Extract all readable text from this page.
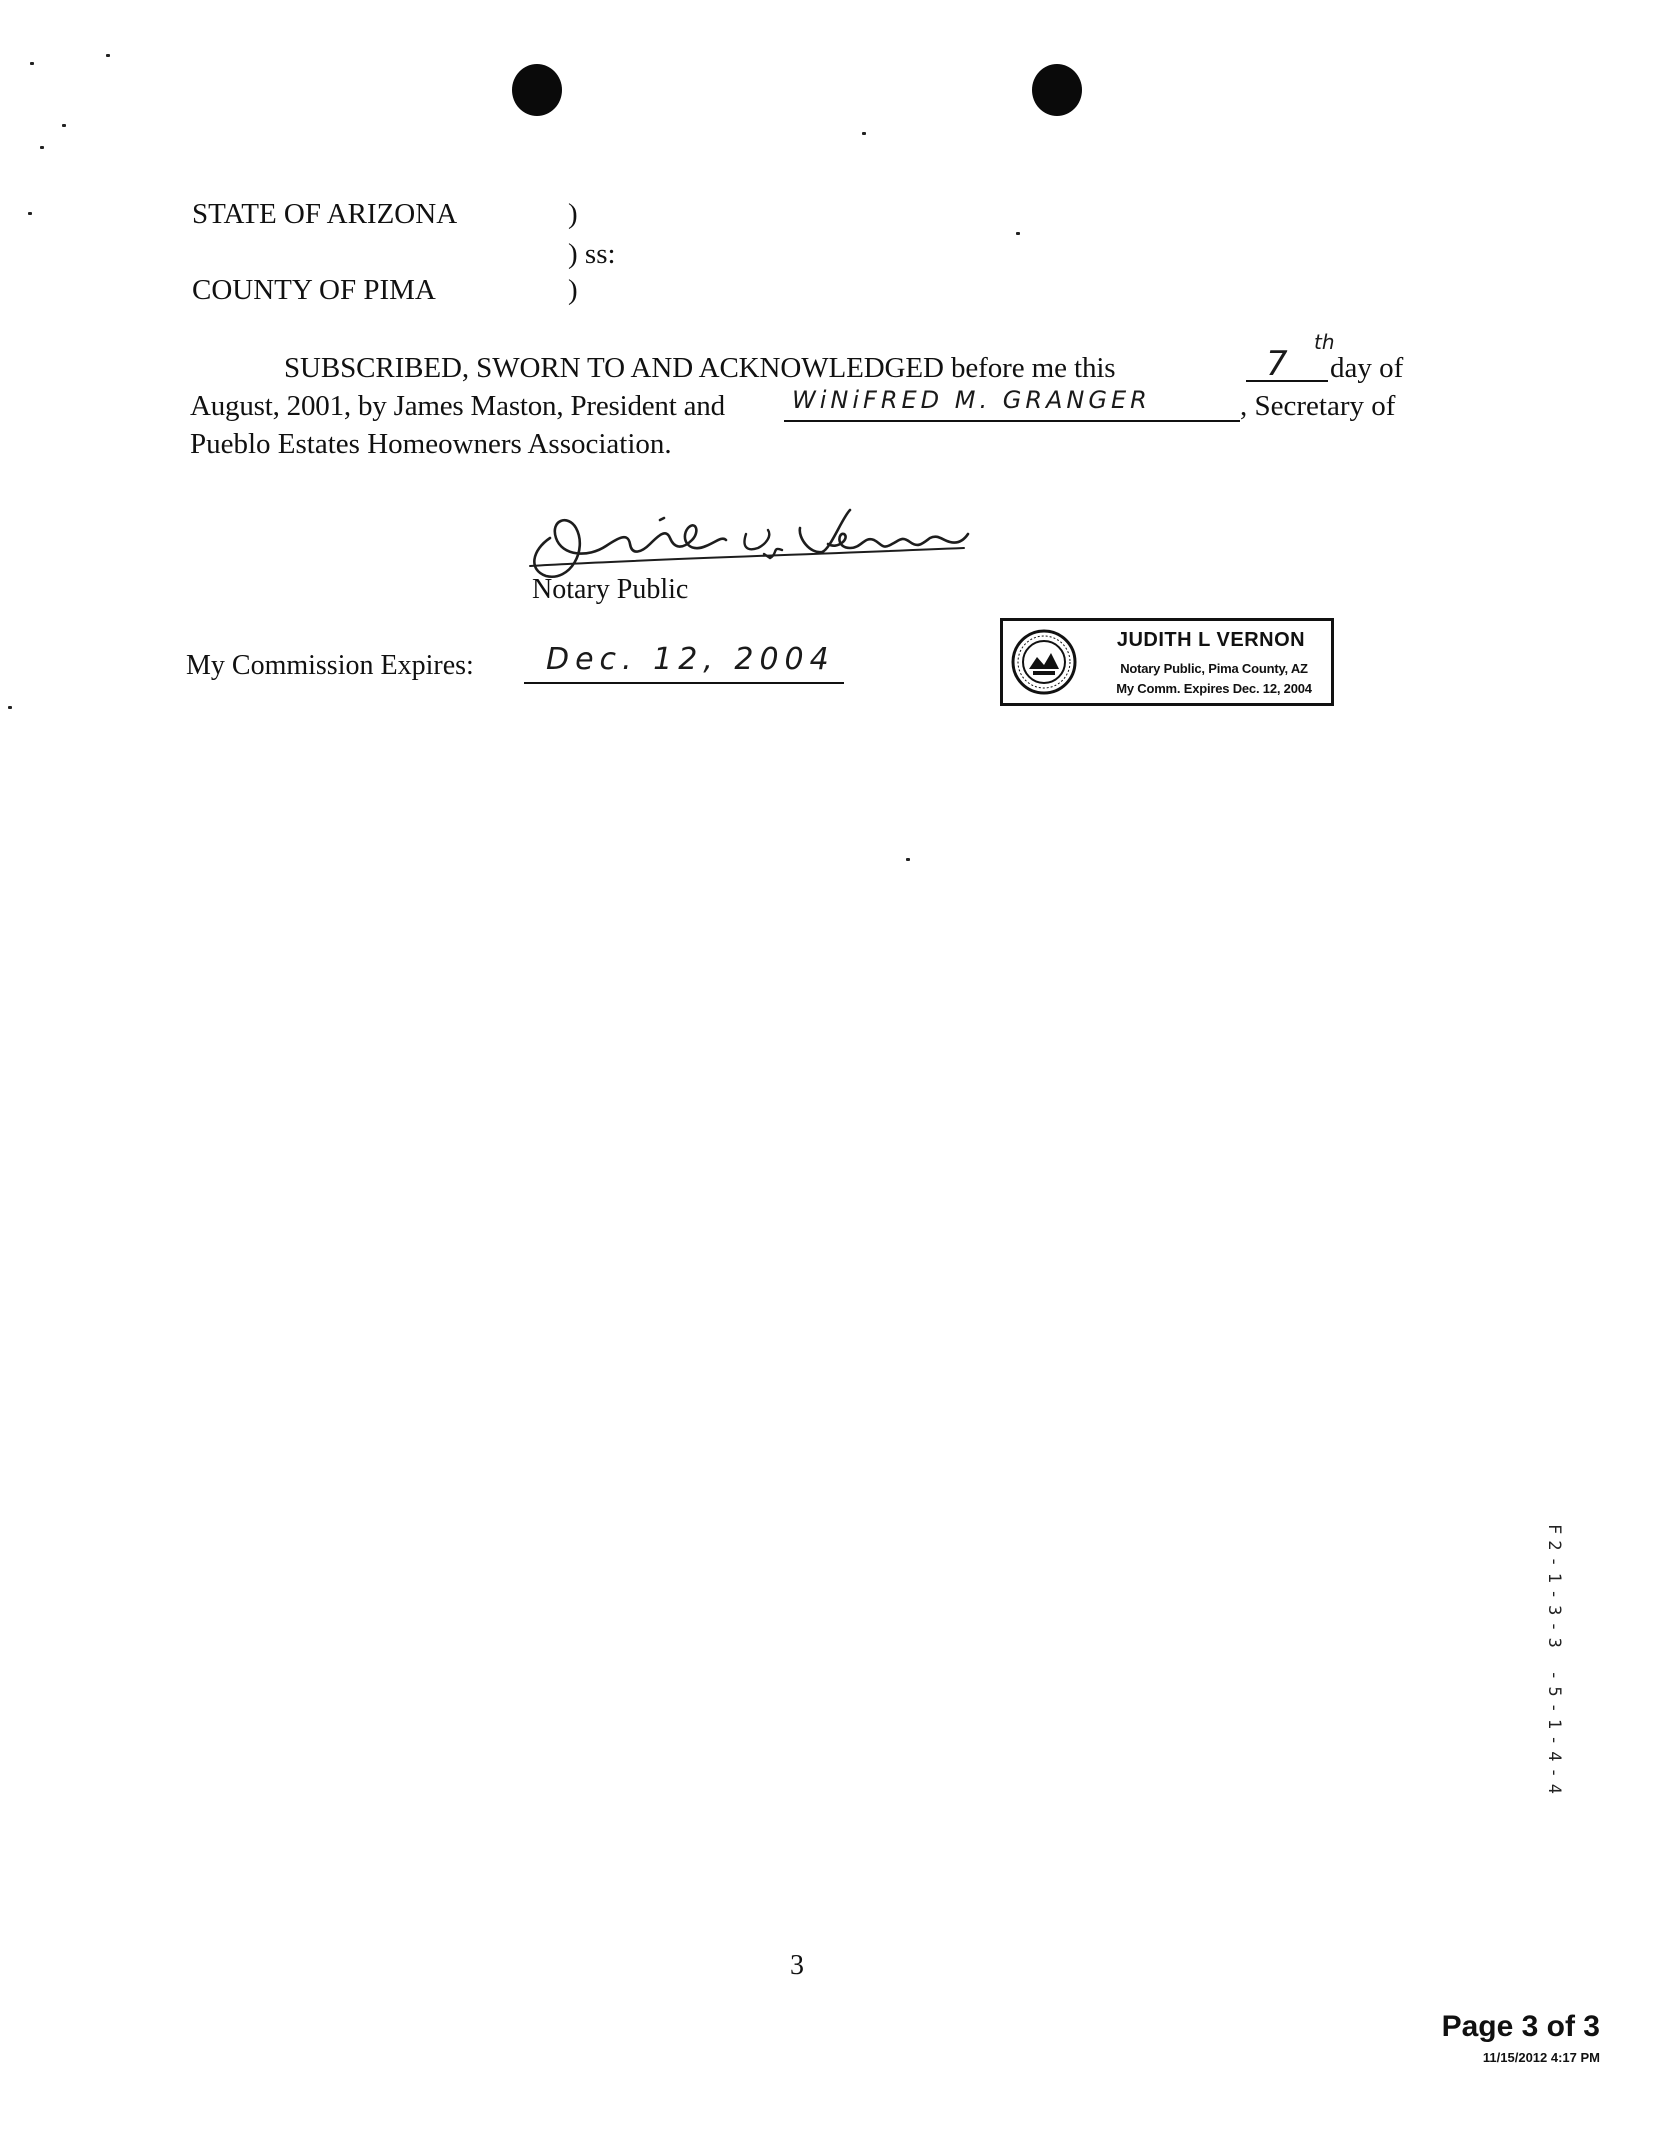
STATE OF ARIZONA	)
) ss:
COUNTY OF PIMA	)
SUBSCRIBED, SWORN TO AND ACKNOWLEDGED before me this	7
th
day of
August, 2001, by James Maston, President and	WiNiFRED M. GRANGER	, Secretary of
Pueblo Estates Homeowners Association.
Notary Public
My Commission Expires: Dec. 12, 2004
JUDITH L VERNON
Notary Public, Pima County, AZ
My Comm. Expires Dec. 12, 2004
F2-1-3-3 -5-1-4-4
3
Page 3 of 3
11/15/2012 4:17 PM
